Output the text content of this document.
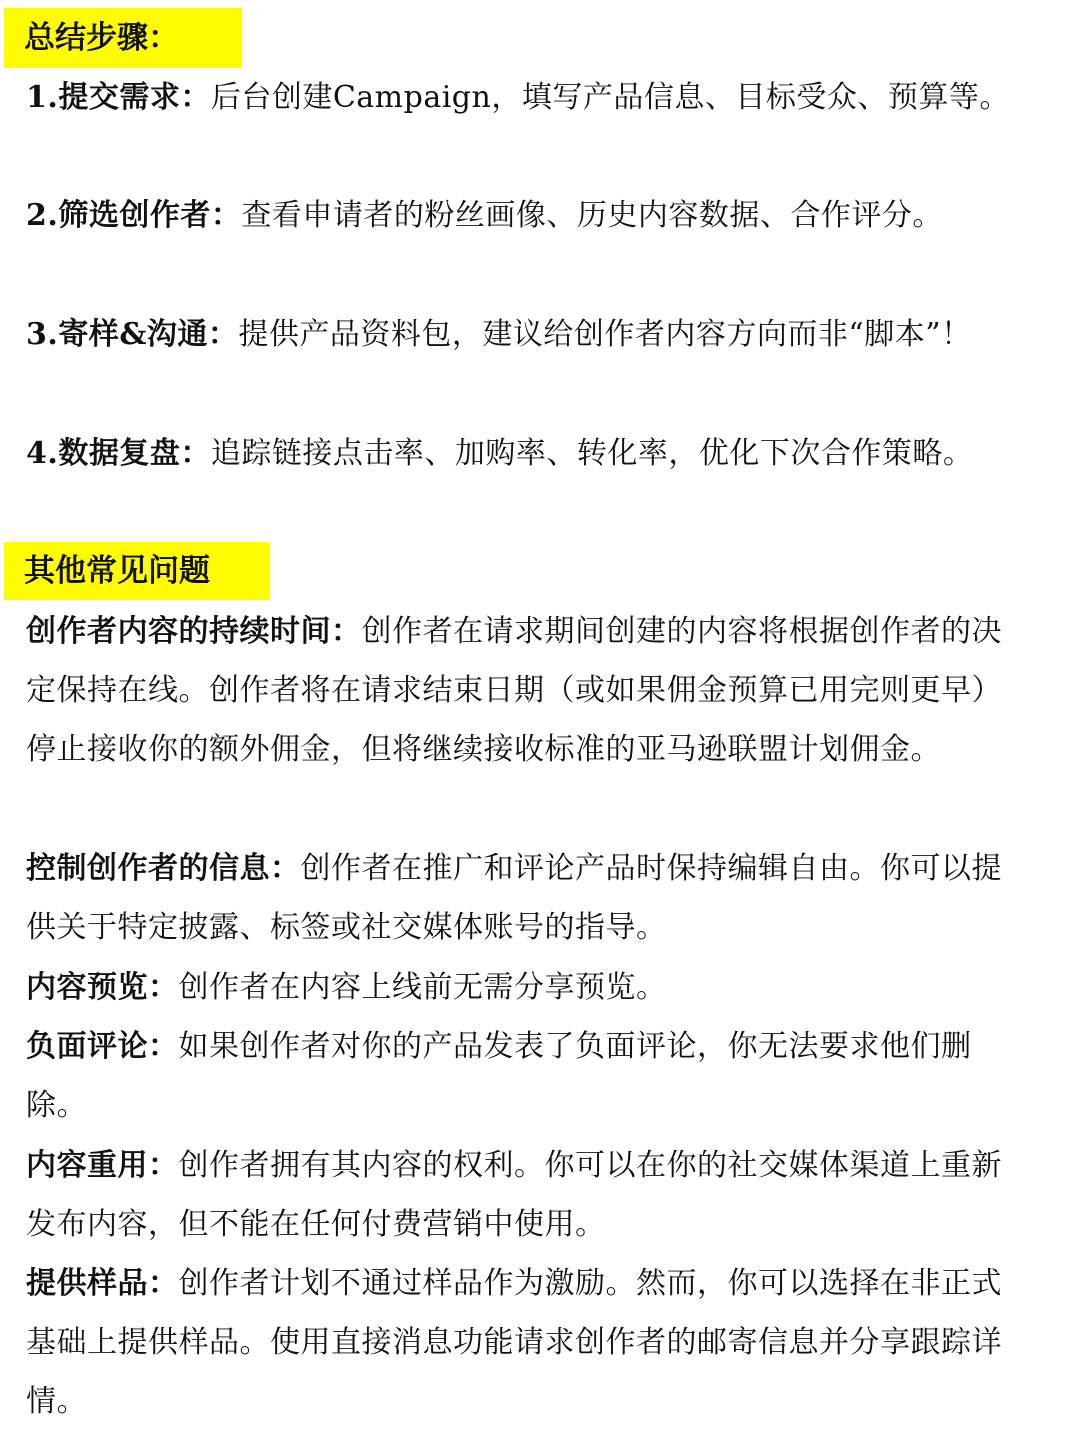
总结步骤：

1.提交需求：后台创建Campaign，填写产品信息、目标受众、预算等。

2.筛选创作者：查看申请者的粉丝画像、历史内容数据、合作评分。

3.寄样&沟通：提供产品资料包，建议给创作者内容方向而非“脚本”！

4.数据复盘：追踪链接点击率、加购率、转化率，优化下次合作策略。

其他常见问题

创作者内容的持续时间：创作者在请求期间创建的内容将根据创作者的决定保持在线。创作者将在请求结束日期（或如果佣金预算已用完则更早）停止接收你的额外佣金，但将继续接收标准的亚马逊联盟计划佣金。

控制创作者的信息：创作者在推广和评论产品时保持编辑自由。你可以提供关于特定披露、标签或社交媒体账号的指导。

内容预览：创作者在内容上线前无需分享预览。

负面评论：如果创作者对你的产品发表了负面评论，你无法要求他们删除。

内容重用：创作者拥有其内容的权利。你可以在你的社交媒体渠道上重新发布内容，但不能在任何付费营销中使用。

提供样品：创作者计划不通过样品作为激励。然而，你可以选择在非正式基础上提供样品。使用直接消息功能请求创作者的邮寄信息并分享跟踪详情。
